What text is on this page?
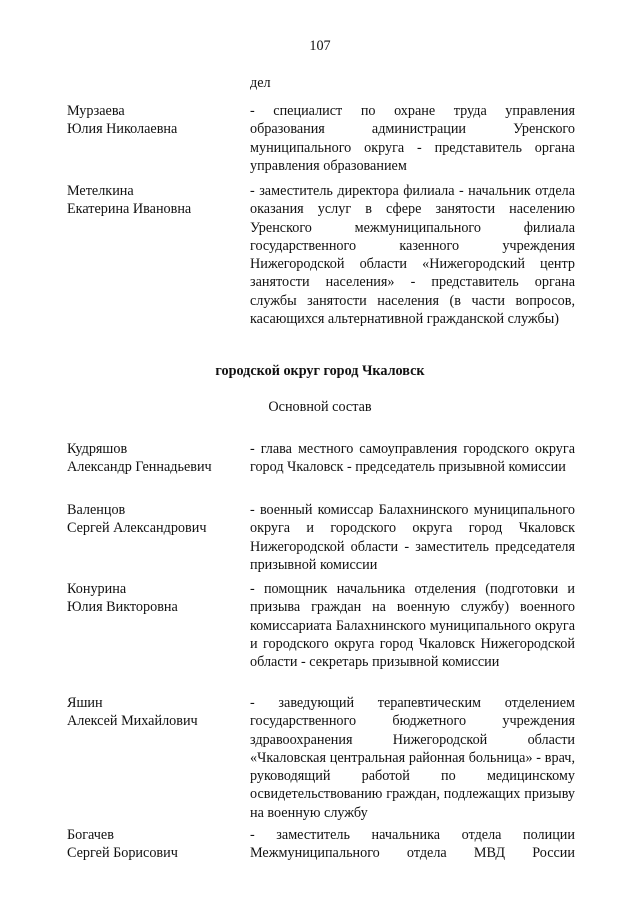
107
дел
Мурзаева
Юлия Николаевна
- специалист по охране труда управления образования администрации Уренского муниципального округа - представитель органа управления образованием
Метелкина
Екатерина Ивановна
- заместитель директора филиала - начальник отдела оказания услуг в сфере занятости населению Уренского межмуниципального филиала государственного казенного учреждения Нижегородской области «Нижегородский центр занятости населения» - представитель органа службы занятости населения (в части вопросов, касающихся альтернативной гражданской службы)
городской округ город Чкаловск
Основной состав
Кудряшов
Александр Геннадьевич
- глава местного самоуправления городского округа город Чкаловск - председатель призывной комиссии
Валенцов
Сергей Александрович
- военный комиссар Балахнинского муниципального округа и городского округа город Чкаловск Нижегородской области - заместитель председателя призывной комиссии
Конурина
Юлия Викторовна
- помощник начальника отделения (подготовки и призыва граждан на военную службу) военного комиссариата Балахнинского муниципального округа и городского округа город Чкаловск Нижегородской области - секретарь призывной комиссии
Яшин
Алексей Михайлович
- заведующий терапевтическим отделением государственного бюджетного учреждения здравоохранения Нижегородской области «Чкаловская центральная районная больница» - врач, руководящий работой по медицинскому освидетельствованию граждан, подлежащих призыву на военную службу
Богачев
Сергей Борисович
- заместитель начальника отдела полиции Межмуниципального отдела МВД России
